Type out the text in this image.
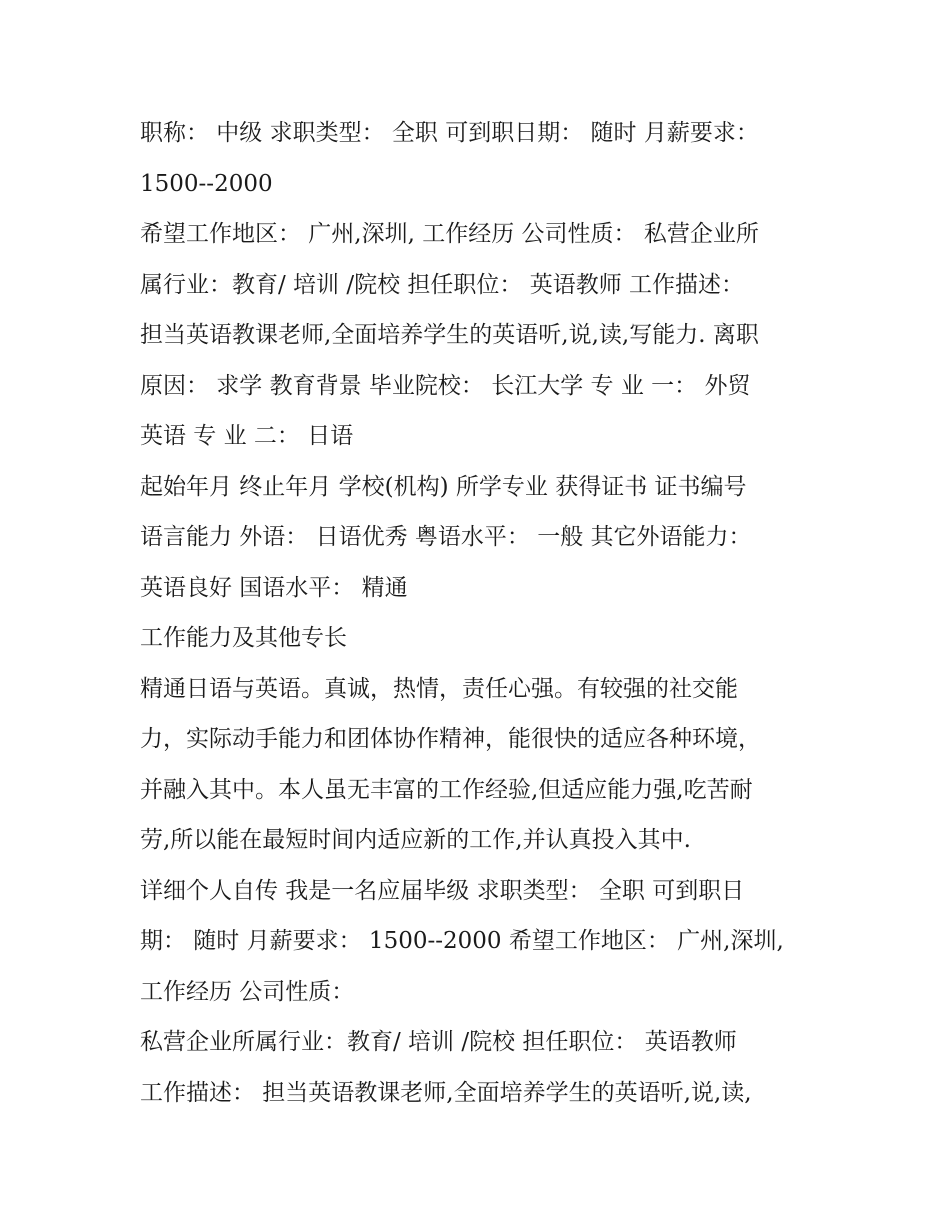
职称： 中级 求职类型： 全职 可到职日期： 随时 月薪要求：
1500--2000
希望工作地区： 广州,深圳, 工作经历 公司性质： 私营企业所
属行业：教育/ 培训 /院校 担任职位： 英语教师 工作描述：
担当英语教课老师,全面培养学生的英语听,说,读,写能力. 离职
原因： 求学 教育背景 毕业院校： 长江大学 专 业 一： 外贸
英语 专 业 二： 日语
起始年月 终止年月 学校(机构) 所学专业 获得证书 证书编号
语言能力 外语： 日语优秀 粤语水平： 一般 其它外语能力：
英语良好 国语水平： 精通
工作能力及其他专长
精通日语与英语。真诚，热情，责任心强。有较强的社交能
力，实际动手能力和团体协作精神，能很快的适应各种环境，
并融入其中。本人虽无丰富的工作经验,但适应能力强,吃苦耐
劳,所以能在最短时间内适应新的工作,并认真投入其中.
详细个人自传 我是一名应届毕级 求职类型： 全职 可到职日
期： 随时 月薪要求： 1500--2000 希望工作地区： 广州,深圳,
工作经历 公司性质：
私营企业所属行业：教育/ 培训 /院校 担任职位： 英语教师
工作描述： 担当英语教课老师,全面培养学生的英语听,说,读,
